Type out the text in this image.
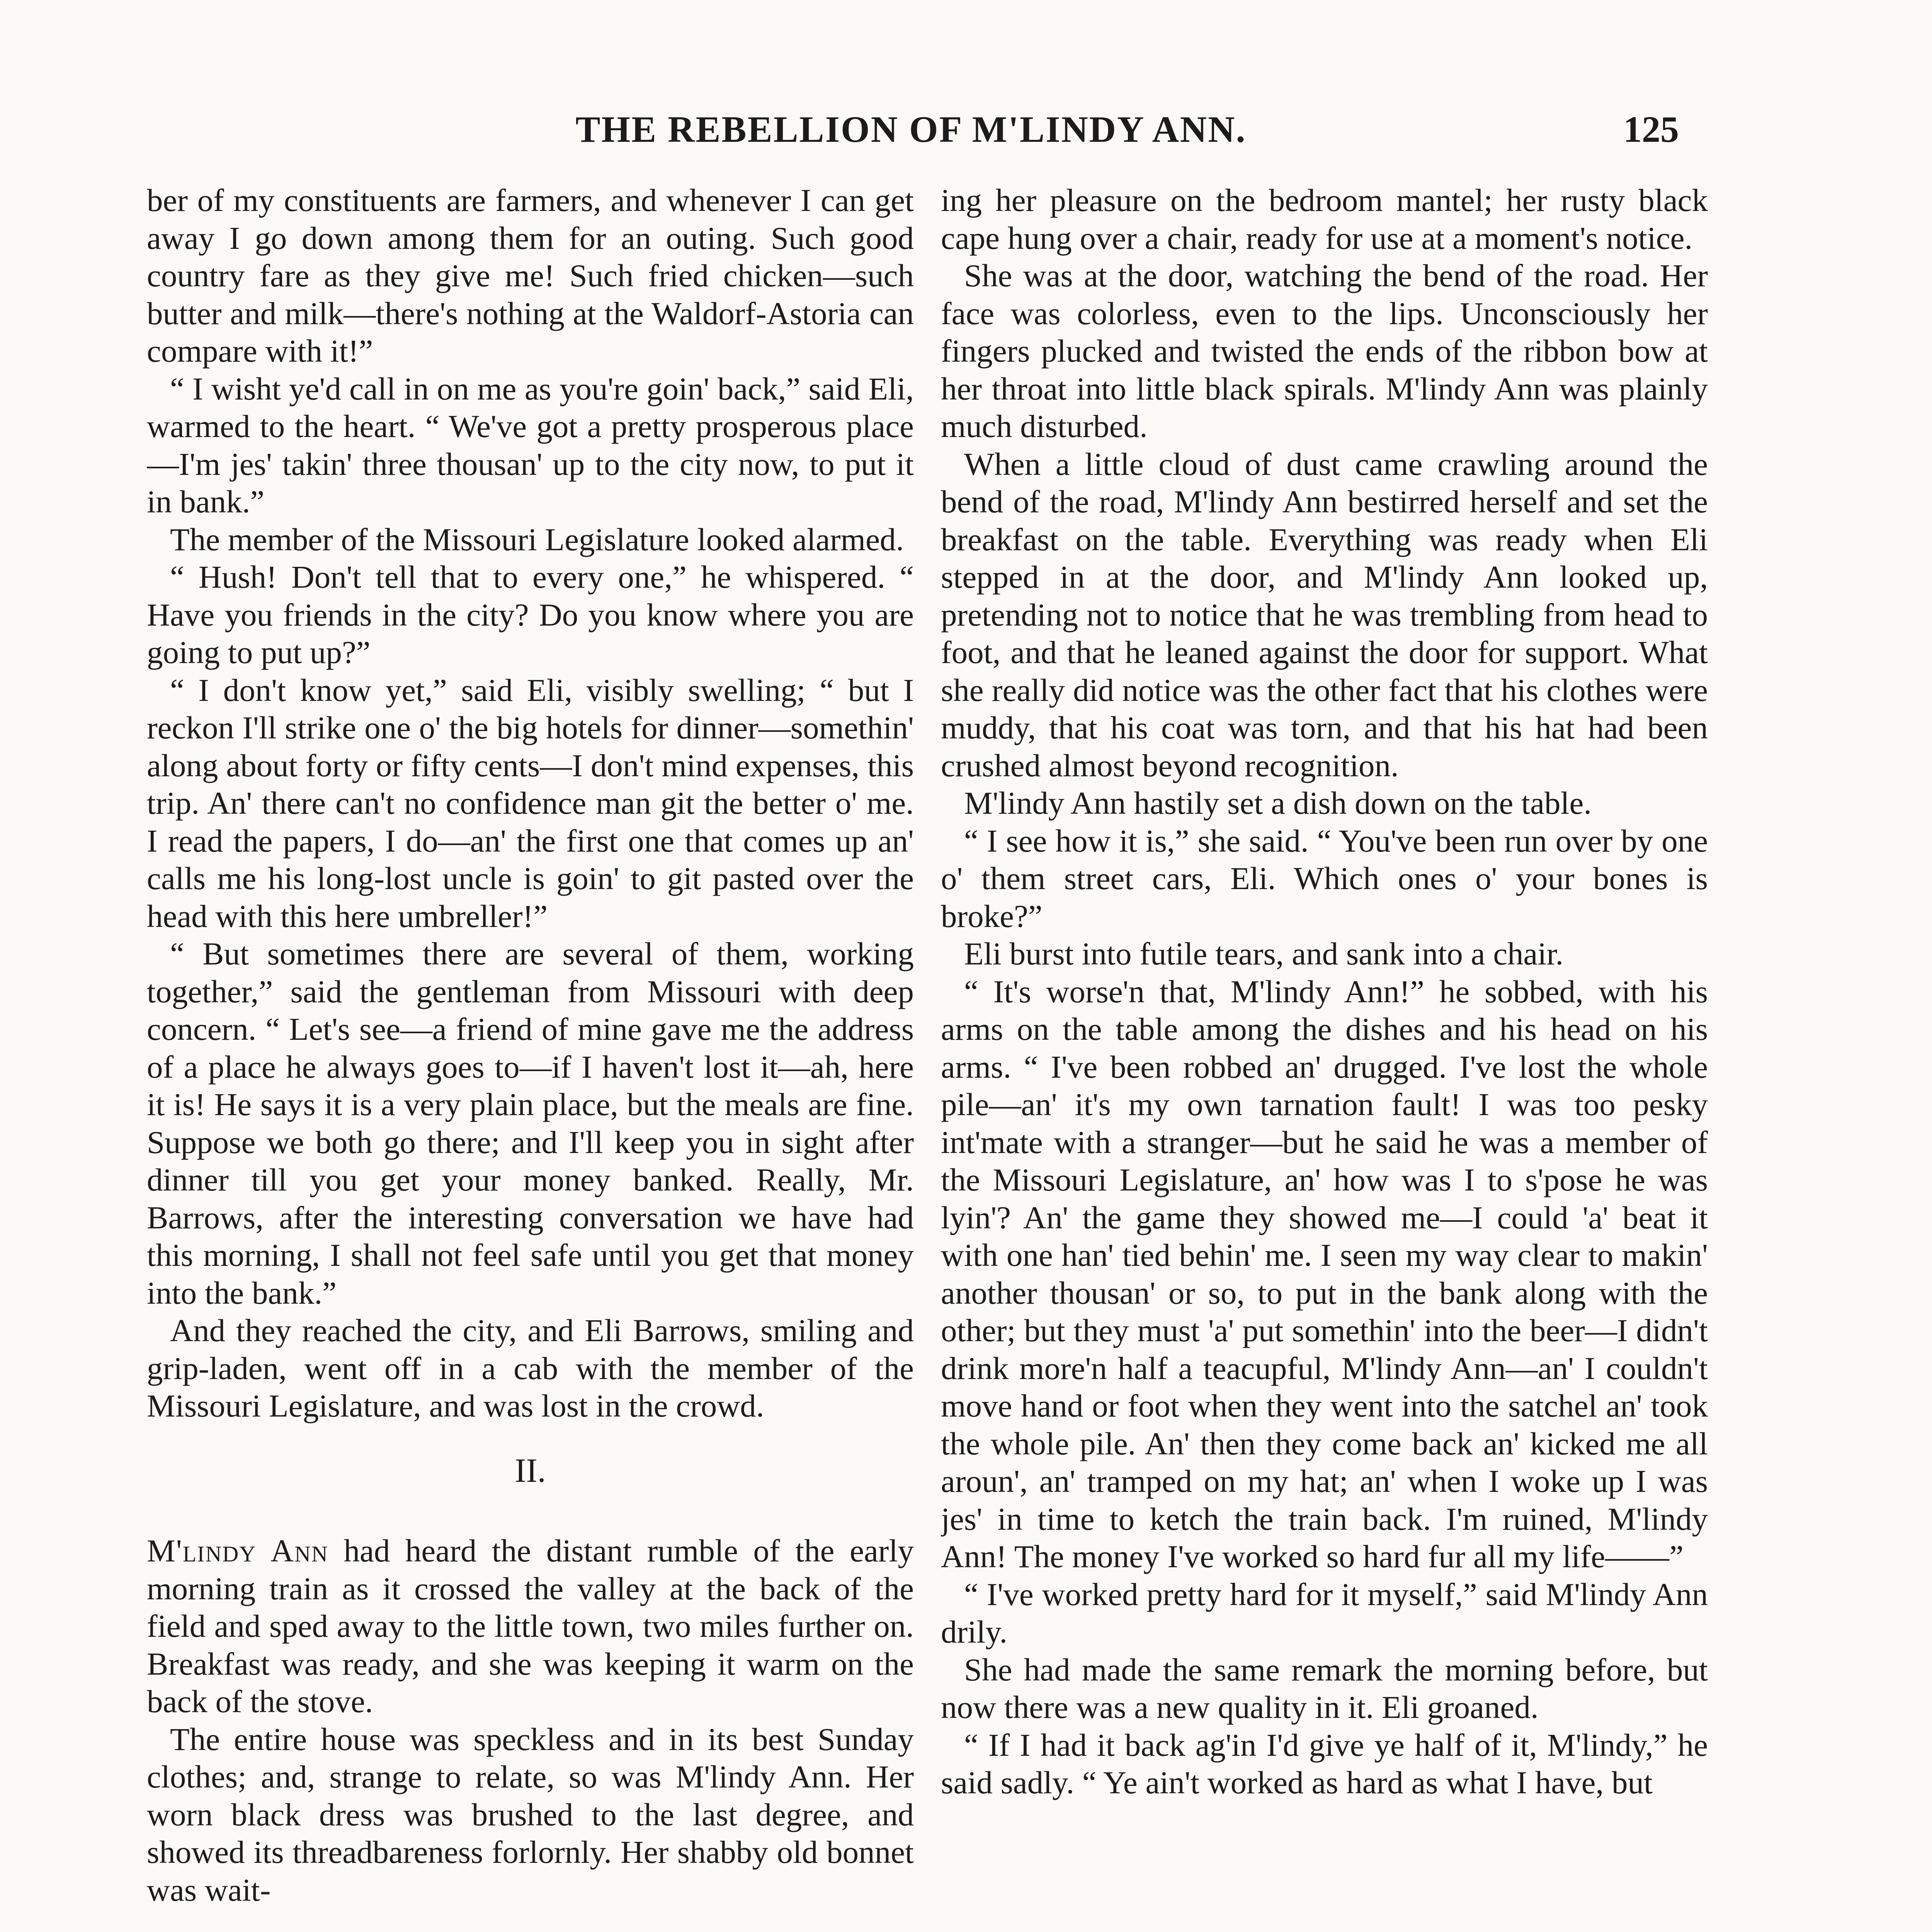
THE REBELLION OF M'LINDY ANN.	125

ber of my constituents are farmers, and whenever I can get away I go down among them for an outing. Such good country fare as they give me! Such fried chicken—such butter and milk—there's nothing at the Waldorf-Astoria can compare with it!”

“ I wisht ye'd call in on me as you're goin' back,” said Eli, warmed to the heart. “ We've got a pretty prosperous place—I'm jes' takin' three thousan' up to the city now, to put it in bank.”

The member of the Missouri Legislature looked alarmed.

“ Hush! Don't tell that to every one,” he whispered. “ Have you friends in the city? Do you know where you are going to put up?”

“ I don't know yet,” said Eli, visibly swelling; “ but I reckon I'll strike one o' the big hotels for dinner—somethin' along about forty or fifty cents—I don't mind expenses, this trip. An' there can't no confidence man git the better o' me. I read the papers, I do—an' the first one that comes up an' calls me his long-lost uncle is goin' to git pasted over the head with this here umbreller!”

“ But sometimes there are several of them, working together,” said the gentleman from Missouri with deep concern. “ Let's see—a friend of mine gave me the address of a place he always goes to—if I haven't lost it—ah, here it is! He says it is a very plain place, but the meals are fine. Suppose we both go there; and I'll keep you in sight after dinner till you get your money banked. Really, Mr. Barrows, after the interesting conversation we have had this morning, I shall not feel safe until you get that money into the bank.”

And they reached the city, and Eli Barrows, smiling and grip-laden, went off in a cab with the member of the Missouri Legislature, and was lost in the crowd.

II.

M'lindy Ann had heard the distant rumble of the early morning train as it crossed the valley at the back of the field and sped away to the little town, two miles further on. Breakfast was ready, and she was keeping it warm on the back of the stove.

The entire house was speckless and in its best Sunday clothes; and, strange to relate, so was M'lindy Ann. Her worn black dress was brushed to the last degree, and showed its threadbareness forlornly. Her shabby old bonnet was wait-

ing her pleasure on the bedroom mantel; her rusty black cape hung over a chair, ready for use at a moment's notice.

She was at the door, watching the bend of the road. Her face was colorless, even to the lips. Unconsciously her fingers plucked and twisted the ends of the ribbon bow at her throat into little black spirals. M'lindy Ann was plainly much disturbed.

When a little cloud of dust came crawling around the bend of the road, M'lindy Ann bestirred herself and set the breakfast on the table. Everything was ready when Eli stepped in at the door, and M'lindy Ann looked up, pretending not to notice that he was trembling from head to foot, and that he leaned against the door for support. What she really did notice was the other fact that his clothes were muddy, that his coat was torn, and that his hat had been crushed almost beyond recognition.

M'lindy Ann hastily set a dish down on the table.

“ I see how it is,” she said. “ You've been run over by one o' them street cars, Eli. Which ones o' your bones is broke?”

Eli burst into futile tears, and sank into a chair.

“ It's worse'n that, M'lindy Ann!” he sobbed, with his arms on the table among the dishes and his head on his arms. “ I've been robbed an' drugged. I've lost the whole pile—an' it's my own tarnation fault! I was too pesky int'mate with a stranger—but he said he was a member of the Missouri Legislature, an' how was I to s'pose he was lyin'? An' the game they showed me—I could 'a' beat it with one han' tied behin' me. I seen my way clear to makin' another thousan' or so, to put in the bank along with the other; but they must 'a' put somethin' into the beer—I didn't drink more'n half a teacupful, M'lindy Ann—an' I couldn't move hand or foot when they went into the satchel an' took the whole pile. An' then they come back an' kicked me all aroun', an' tramped on my hat; an' when I woke up I was jes' in time to ketch the train back. I'm ruined, M'lindy Ann! The money I've worked so hard fur all my life——”

“ I've worked pretty hard for it myself,” said M'lindy Ann drily.

She had made the same remark the morning before, but now there was a new quality in it. Eli groaned.

“ If I had it back ag'in I'd give ye half of it, M'lindy,” he said sadly. “ Ye ain't worked as hard as what I have, but
